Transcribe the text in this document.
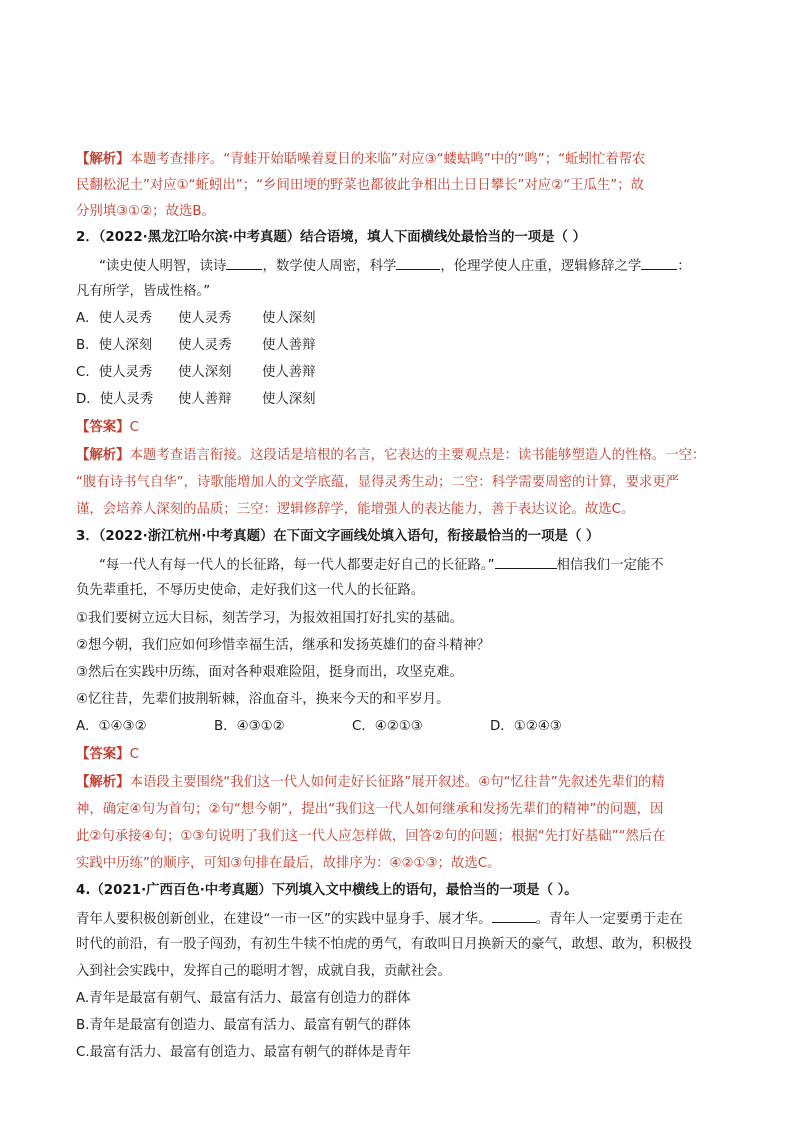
【解析】本题考查排序。“青蛙开始聒噪着夏日的来临”对应③“蝼蛄鸣”中的“鸣”；“蚯蚓忙着帮农
民翻松泥土”对应①“蚯蚓出”；“乡间田埂的野菜也都彼此争相出土日日攀长”对应②“王瓜生”；故
分别填③①②；故选B。
2．（2022·黑龙江哈尔滨·中考真题）结合语境，填人下面横线处最恰当的一项是（ ）
“读史使人明智，读诗	，数学使人周密，科学	，伦理学使人庄重，逻辑修辞之学	：
凡有所学，皆成性格。”
A．使人灵秀 使人灵秀 使人深刻
B．使人深刻 使人灵秀 使人善辩
C．使人灵秀 使人深刻 使人善辩
D．使人灵秀 使人善辩 使人深刻
【答案】C
【解析】本题考查语言衔接。这段话是培根的名言，它表达的主要观点是：读书能够塑造人的性格。一空：
“腹有诗书气自华”，诗歌能增加人的文学底蕴，显得灵秀生动；二空：科学需要周密的计算，要求更严
谨，会培养人深刻的品质；三空：逻辑修辞学，能增强人的表达能力，善于表达议论。故选C。
3．（2022·浙江杭州·中考真题）在下面文字画线处填入语句，衔接最恰当的一项是（ ）
“每一代人有每一代人的长征路，每一代人都要走好自己的长征路。”	相信我们一定能不
负先辈重托，不辱历史使命，走好我们这一代人的长征路。
①我们要树立远大目标，刻苦学习，为报效祖国打好扎实的基础。
②想今朝，我们应如何珍惜幸福生活，继承和发扬英雄们的奋斗精神？
③然后在实践中历练，面对各种艰难险阻，挺身而出，攻坚克难。
④忆往昔，先辈们披荆斩棘，浴血奋斗，换来今天的和平岁月。
A．①④③②	B．④③①②	C．④②①③	D．①②④③
【答案】C
【解析】本语段主要围绕“我们这一代人如何走好长征路”展开叙述。④句“忆往昔”先叙述先辈们的精
神，确定④句为首句；②句“想今朝”，提出“我们这一代人如何继承和发扬先辈们的精神”的问题，因
此②句承接④句；①③句说明了我们这一代人应怎样做，回答②句的问题；根据“先打好基础”“然后在
实践中历练”的顺序，可知③句排在最后，故排序为：④②①③；故选C。
4.（2021·广西百色·中考真题）下列填入文中横线上的语句，最恰当的一项是（ ）。
青年人要积极创新创业，在建设“一市一区”的实践中显身手、展才华。	。青年人一定要勇于走在
时代的前沿，有一股子闯劲，有初生牛犊不怕虎的勇气，有敢叫日月换新天的豪气，敢想、敢为，积极投
入到社会实践中，发挥自己的聪明才智，成就自我，贡献社会。
A.青年是最富有朝气、最富有活力、最富有创造力的群体
B.青年是最富有创造力、最富有活力、最富有朝气的群体
C.最富有活力、最富有创造力、最富有朝气的群体是青年
